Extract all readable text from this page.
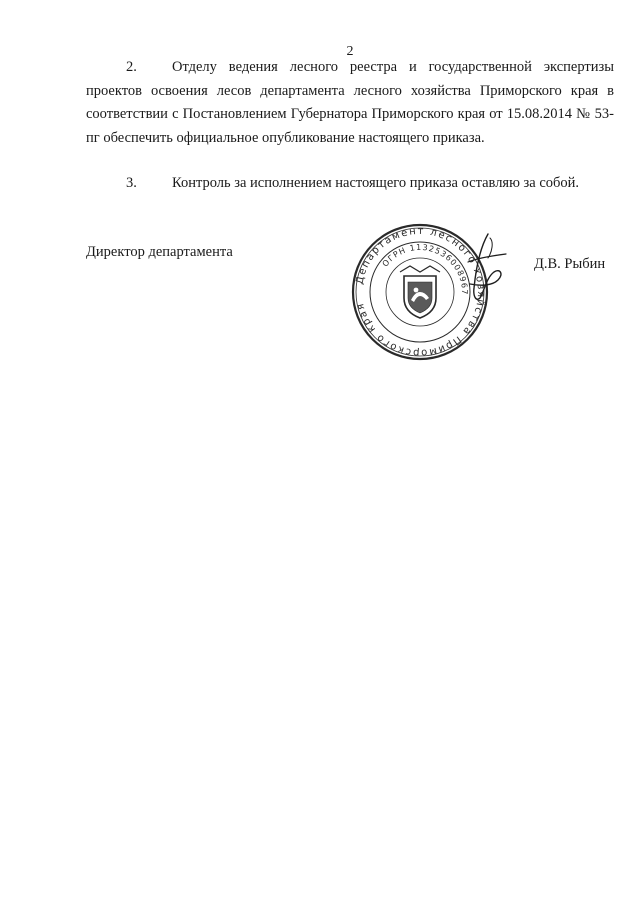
2
2. Отделу ведения лесного реестра и государственной экспертизы проектов освоения лесов департамента лесного хозяйства Приморского края в соответствии с Постановлением Губернатора Приморского края от 15.08.2014 № 53-пг обеспечить официальное опубликование настоящего приказа.
3. Контроль за исполнением настоящего приказа оставляю за собой.
Директор департамента
Департамент лесного хозяйства Приморского края
ОГРН 1132536008967
Д.В. Рыбин
